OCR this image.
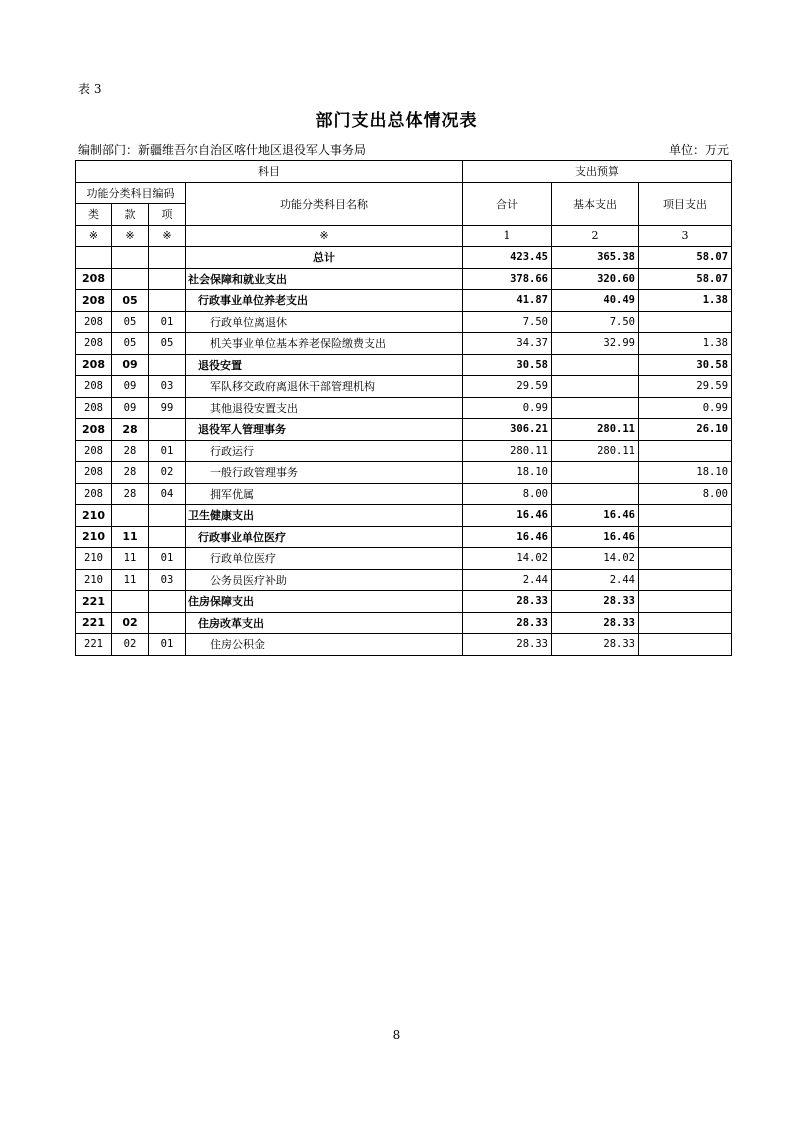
表 3
部门支出总体情况表
编制部门：新疆维吾尔自治区喀什地区退役军人事务局	单位：万元
科目				支出预算		
功能分类科目编码			功能分类科目名称	合计	基本支出	项目支出
类	款	项				
※	※	※	※	1	2	3
			总计	423.45	365.38	58.07
208			社会保障和就业支出	378.66	320.60	58.07
208	05		行政事业单位养老支出	41.87	40.49	1.38
208	05	01	行政单位离退休	7.50	7.50	
208	05	05	机关事业单位基本养老保险缴费支出	34.37	32.99	1.38
208	09		退役安置	30.58		30.58
208	09	03	军队移交政府离退休干部管理机构	29.59		29.59
208	09	99	其他退役安置支出	0.99		0.99
208	28		退役军人管理事务	306.21	280.11	26.10
208	28	01	行政运行	280.11	280.11	
208	28	02	一般行政管理事务	18.10		18.10
208	28	04	拥军优属	8.00		8.00
210			卫生健康支出	16.46	16.46	
210	11		行政事业单位医疗	16.46	16.46	
210	11	01	行政单位医疗	14.02	14.02	
210	11	03	公务员医疗补助	2.44	2.44	
221			住房保障支出	28.33	28.33	
221	02		住房改革支出	28.33	28.33	
221	02	01	住房公积金	28.33	28.33	
8
